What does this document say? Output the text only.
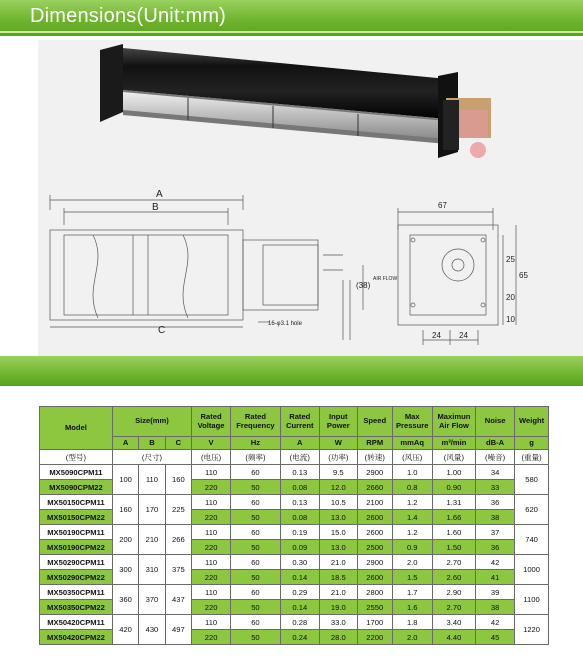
Dimensions(Unit:mm)
A
B
C
16-φ3.1 hole
67
25
65
20
10
(38)
AIR FLOW
24 24
Model	Size(mm)			Rated Voltage	Rated Frequency	Rated Current	Input Power	Speed	Max Pressure	Maximun Air Flow	Noise	Weight
	A	B	C	V	Hz	A	W	RPM	mmAq	m³/min	dB-A	g
(型号)	(尺寸)			(电压)	(频率)	(电流)	(功率)	(转速)	(风压)	(风量)	(噪音)	(重量)
MX5090CPM11	100	110	160	110	60	0.13	9.5	2900	1.0	1.00	34	580
MX5090CPM22				220	50	0.08	12.0	2660	0.8	0.90	33	
MX50150CPM11	160	170	225	110	60	0.13	10.5	2100	1.2	1.31	36	620
MX50150CPM22				220	50	0.08	13.0	2600	1.4	1.66	38	
MX50190CPM11	200	210	266	110	60	0.19	15.0	2600	1.2	1.60	37	740
MX50190CPM22				220	50	0.09	13.0	2500	0.9	1.50	36	
MX50290CPM11	300	310	375	110	60	0.30	21.0	2900	2.0	2.70	42	1000
MX50290CPM22				220	50	0.14	18.5	2600	1.5	2.60	41	
MX50350CPM11	360	370	437	110	60	0.29	21.0	2800	1.7	2.90	39	1100
MX50350CPM22				220	50	0.14	19.0	2550	1.6	2.70	38	
MX50420CPM11	420	430	497	110	60	0.28	33.0	1700	1.8	3.40	42	1220
MX50420CPM22				220	50	0.24	28.0	2200	2.0	4.40	45	
